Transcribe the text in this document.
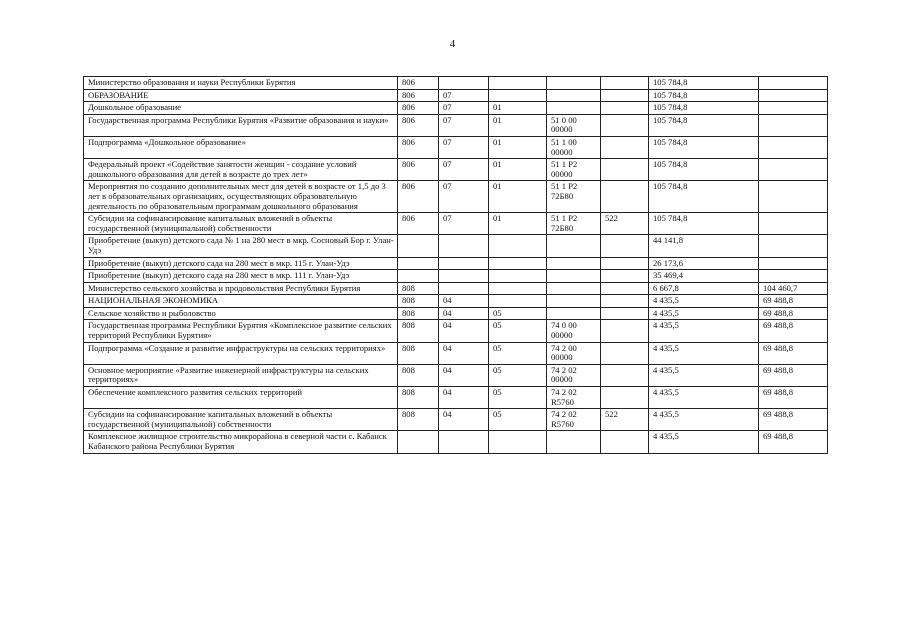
4
Министерство образования и науки Республики Бурятия	806					105 784,8	
ОБРАЗОВАНИЕ	806	07				105 784,8	
Дошкольное образование	806	07	01			105 784,8	
Государственная программа Республики Бурятия «Развитие образования и науки»	806	07	01	51 0 00 00000		105 784,8	
Подпрограмма «Дошкольное образование»	806	07	01	51 1 00 00000		105 784,8	
Федеральный проект «Содействие занятости женщин - создание условий дошкольного образования для детей в возрасте до трех лет»	806	07	01	51 1 P2 00000		105 784,8	
Мероприятия по созданию дополнительных мест для детей в возрасте от 1,5 до 3 лет в образовательных организациях, осуществляющих образовательную деятельность по образовательным программам дошкольного образования	806	07	01	51 1 P2 72Б80		105 784,8	
Субсидии на софинансирование капитальных вложений в объекты государственной (муниципальной) собственности	806	07	01	51 1 P2 72Б80	522	105 784,8	
Приобретение (выкуп) детского сада № 1 на 280 мест в мкр. Сосновый Бор г. Улан-Удэ						44 141,8	
Приобретение (выкуп) детского сада на 280 мест в мкр. 115 г. Улан-Удэ						26 173,6	
Приобретение (выкуп) детского сада на 280 мест в мкр. 111 г. Улан-Удэ						35 469,4	
Министерство сельского хозяйства и продовольствия Республики Бурятия	808					6 667,8	104 460,7
НАЦИОНАЛЬНАЯ ЭКОНОМИКА	808	04				4 435,5	69 488,8
Сельское хозяйство и рыболовство	808	04	05			4 435,5	69 488,8
Государственная программа Республики Бурятия «Комплексное развитие сельских территорий Республики Бурятия»	808	04	05	74 0 00 00000		4 435,5	69 488,8
Подпрограмма «Создание и развитие инфраструктуры на сельских территориях»	808	04	05	74 2 00 00000		4 435,5	69 488,8
Основное мероприятие «Развитие инженерной инфраструктуры на сельских территориях»	808	04	05	74 2 02 00000		4 435,5	69 488,8
Обеспечение комплексного развития сельских территорий	808	04	05	74 2 02 R5760		4 435,5	69 488,8
Субсидии на софинансирование капитальных вложений в объекты государственной (муниципальной) собственности	808	04	05	74 2 02 R5760	522	4 435,5	69 488,8
Комплексное жилищное строительство микрорайона в северной части с. Кабанск Кабанского района Республики Бурятия						4 435,5	69 488,8
